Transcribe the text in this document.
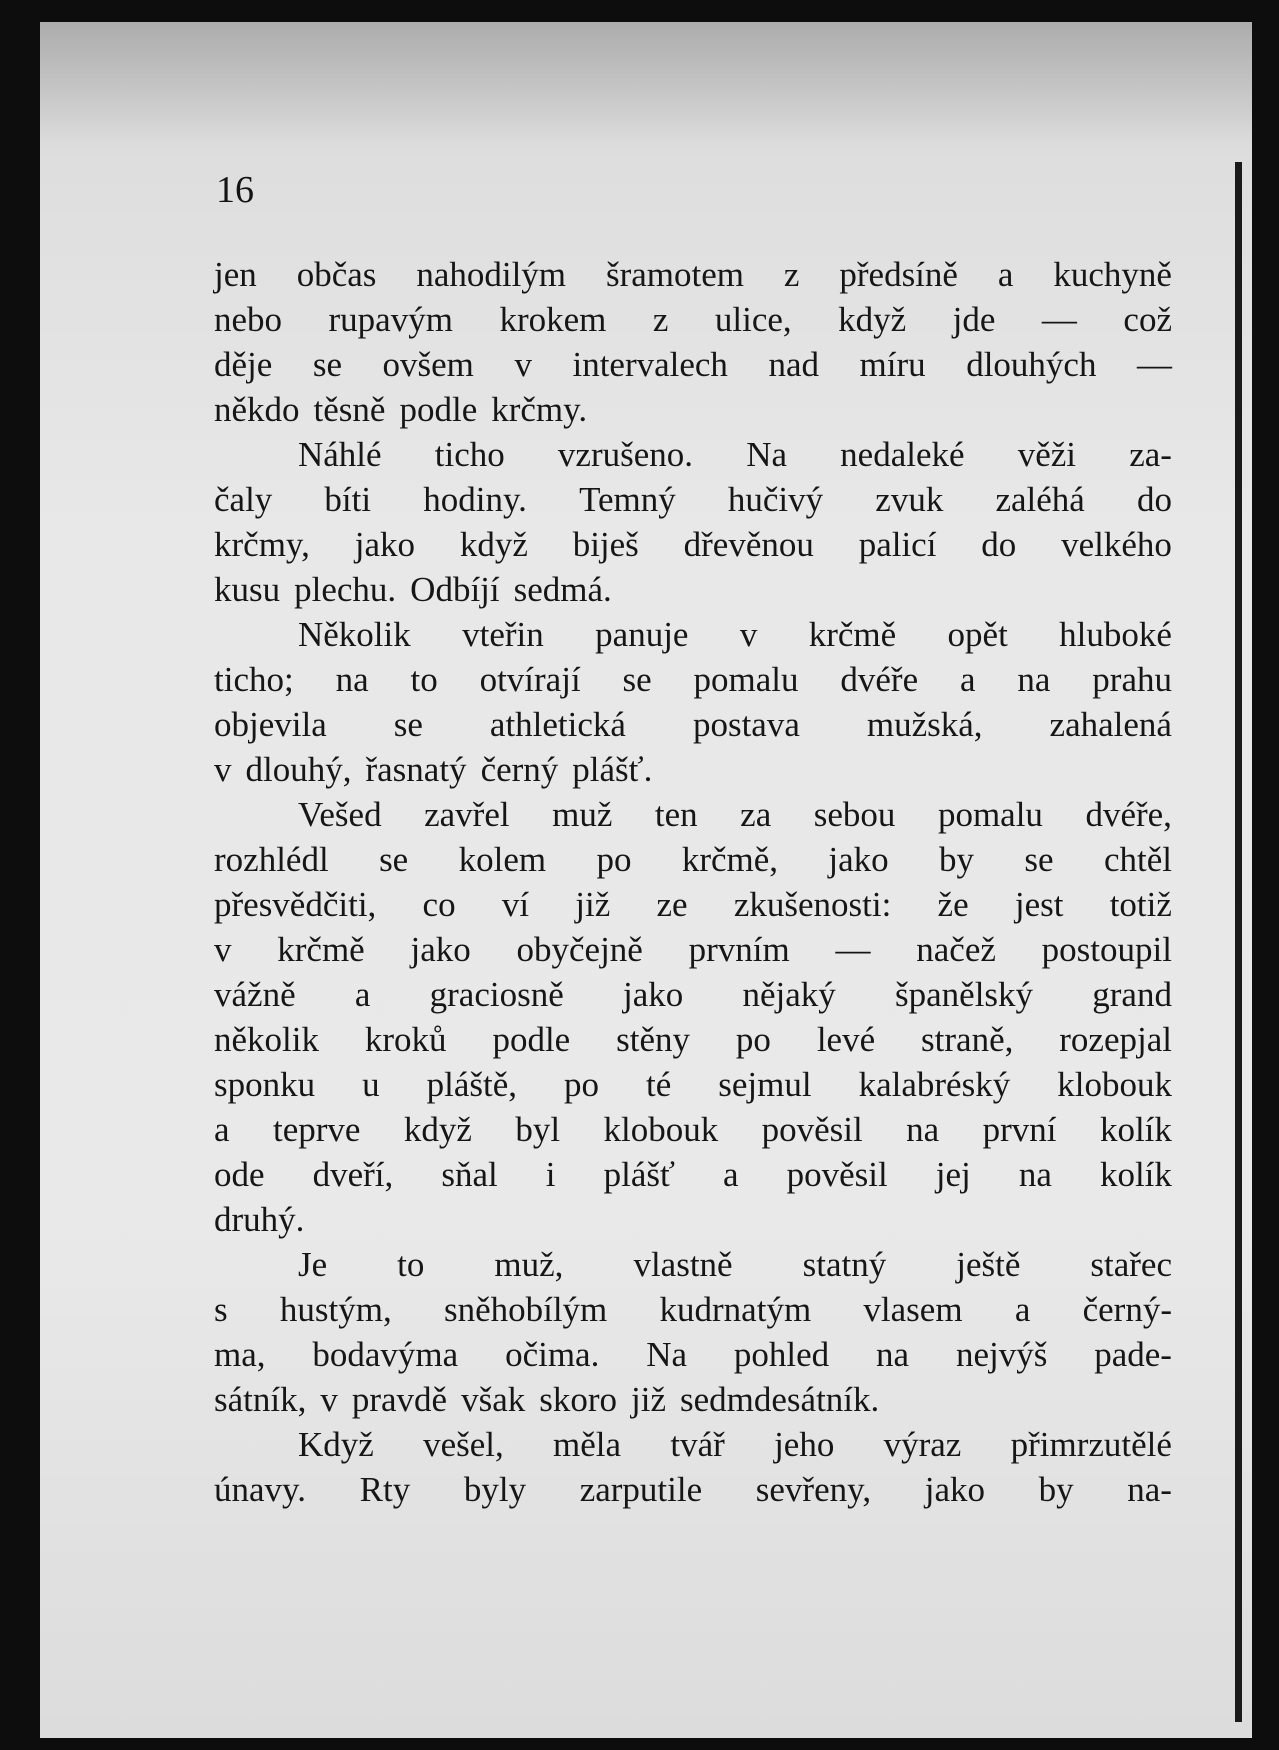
16
jen občas nahodilým šramotem z předsíně a kuchyně
nebo rupavým krokem z ulice, když jde — což
děje se ovšem v intervalech nad míru dlouhých —
někdo těsně podle krčmy.
Náhlé ticho vzrušeno. Na nedaleké věži za-
čaly bíti hodiny. Temný hučivý zvuk zaléhá do
krčmy, jako když biješ dřevěnou palicí do velkého
kusu plechu. Odbíjí sedmá.
Několik vteřin panuje v krčmě opět hluboké
ticho; na to otvírají se pomalu dvéře a na prahu
objevila se athletická postava mužská, zahalená
v dlouhý, řasnatý černý plášť.
Vešed zavřel muž ten za sebou pomalu dvéře,
rozhlédl se kolem po krčmě, jako by se chtěl
přesvědčiti, co ví již ze zkušenosti: že jest totiž
v krčmě jako obyčejně prvním — načež postoupil
vážně a graciosně jako nějaký španělský grand
několik kroků podle stěny po levé straně, rozepjal
sponku u pláště, po té sejmul kalabréský klobouk
a teprve když byl klobouk pověsil na první kolík
ode dveří, sňal i plášť a pověsil jej na kolík
druhý.
Je to muž, vlastně statný ještě stařec
s hustým, sněhobílým kudrnatým vlasem a černý-
ma, bodavýma očima. Na pohled na nejvýš pade-
sátník, v pravdě však skoro již sedmdesátník.
Když vešel, měla tvář jeho výraz přimrzutělé
únavy. Rty byly zarputile sevřeny, jako by na-
